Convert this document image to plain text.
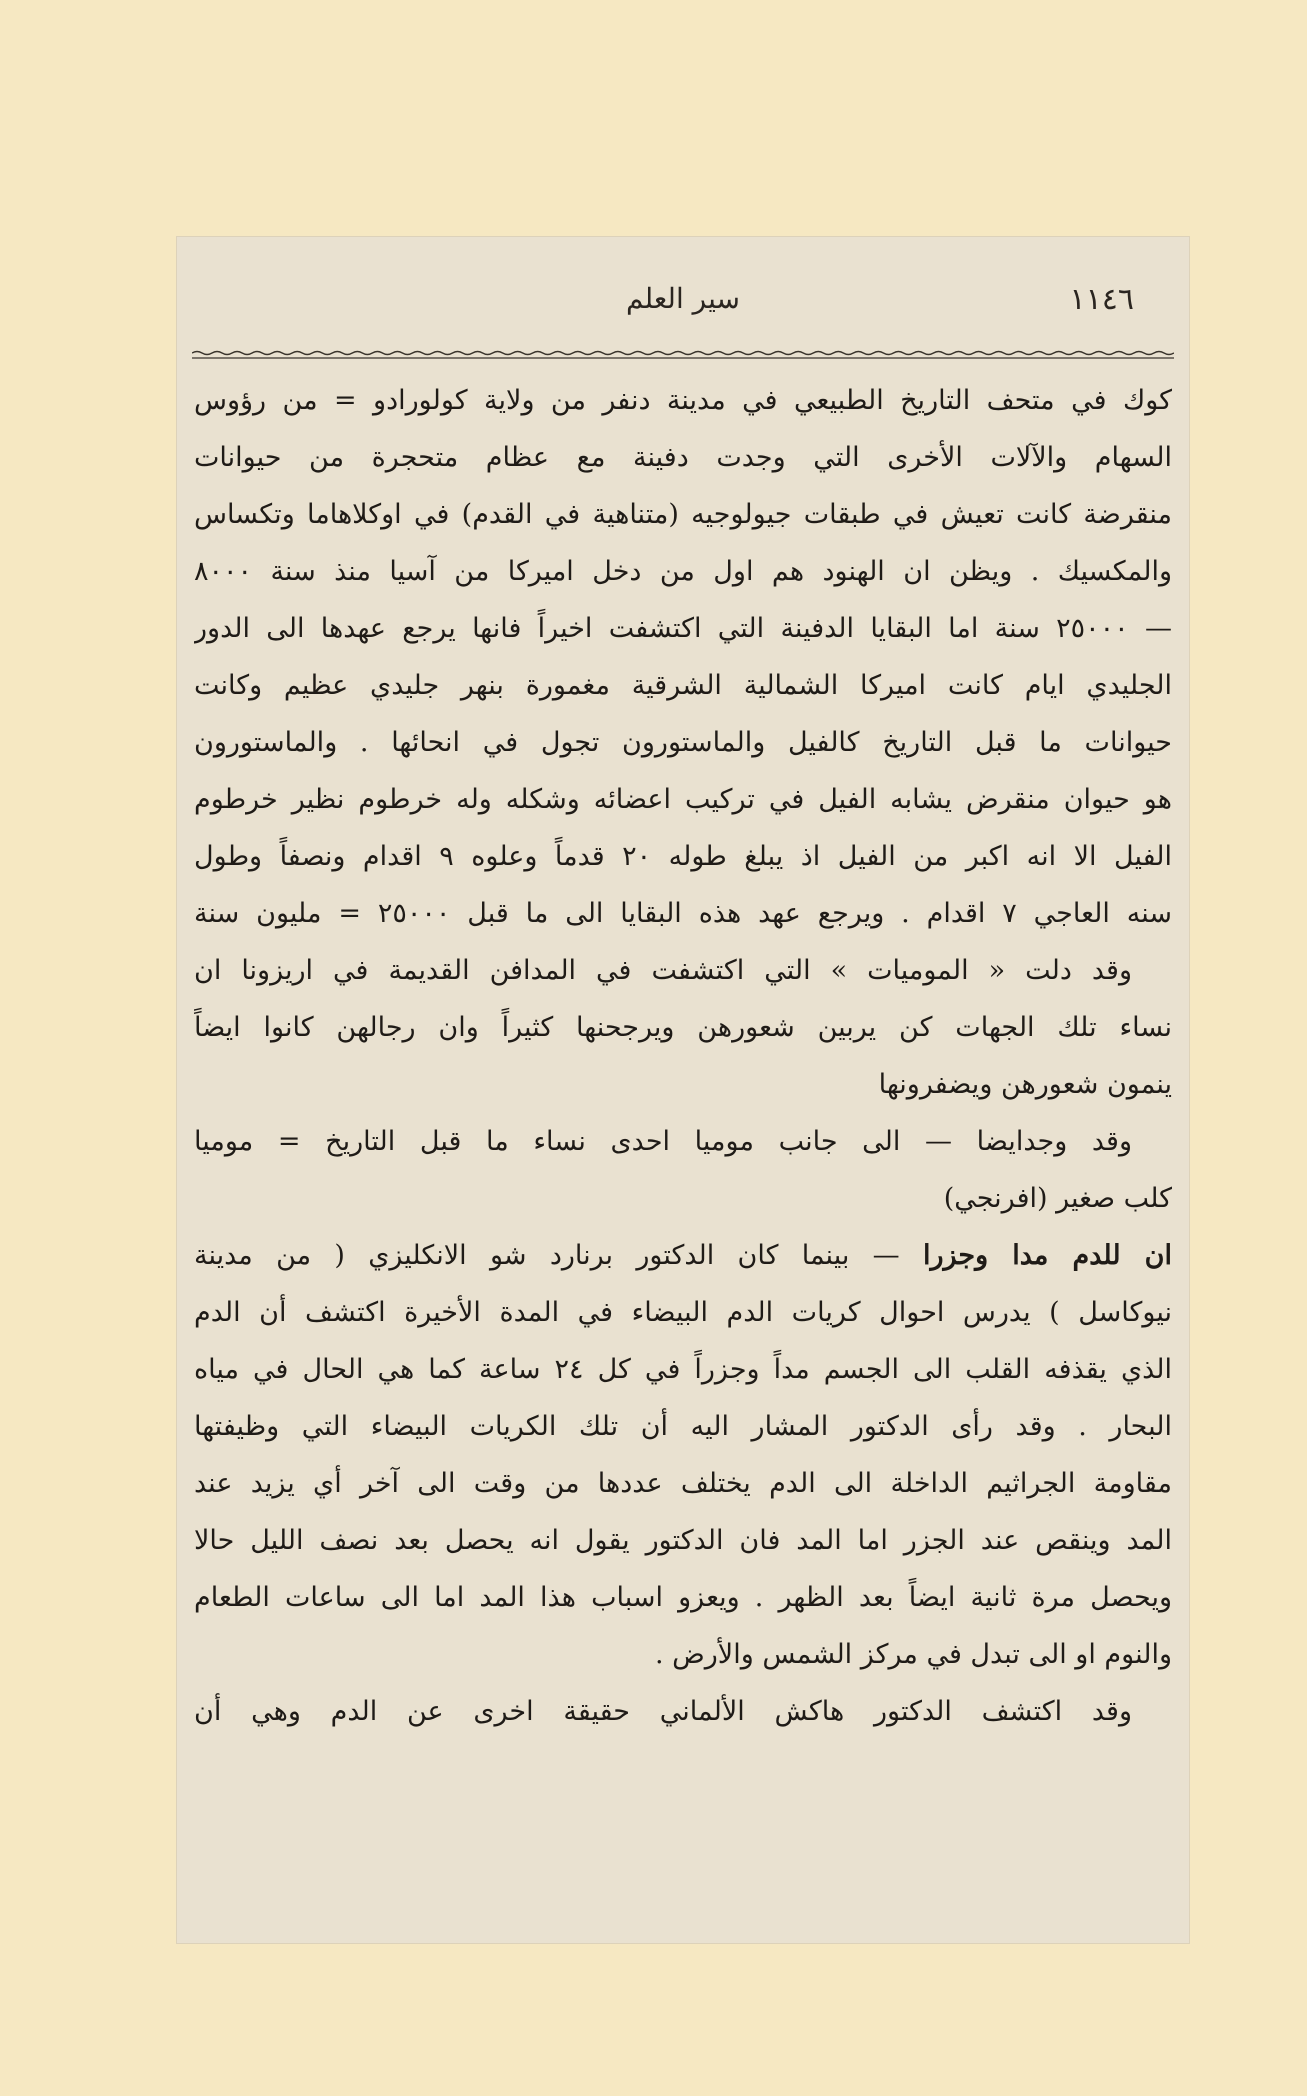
١١٤٦
سير العلم
كوك في متحف التاريخ الطبيعي في مدينة دنفر من ولاية كولورادو = من رؤوس
السهام والآلات الأخرى التي وجدت دفينة مع عظام متحجرة من حيوانات
منقرضة كانت تعيش في طبقات جيولوجيه (متناهية في القدم) في اوكلاهاما وتكساس
والمكسيك . ويظن ان الهنود هم اول من دخل اميركا من آسيا منذ سنة ٨٠٠٠
— ٢٥٠٠٠ سنة اما البقايا الدفينة التي اكتشفت اخيراً فانها يرجع عهدها الى الدور
الجليدي ايام كانت اميركا الشمالية الشرقية مغمورة بنهر جليدي عظيم وكانت
حيوانات ما قبل التاريخ كالفيل والماستورون تجول في انحائها . والماستورون
هو حيوان منقرض يشابه الفيل في تركيب اعضائه وشكله وله خرطوم نظير خرطوم
الفيل الا انه اكبر من الفيل اذ يبلغ طوله ٢٠ قدماً وعلوه ٩ اقدام ونصفاً وطول
سنه العاجي ٧ اقدام . ويرجع عهد هذه البقايا الى ما قبل ٢٥٠٠٠ = مليون سنة
وقد دلت « الموميات » التي اكتشفت في المدافن القديمة في اريزونا ان
نساء تلك الجهات كن يربين شعورهن ويرجحنها كثيراً وان رجالهن كانوا ايضاً
ينمون شعورهن ويضفرونها
وقد وجدايضا — الى جانب موميا احدى نساء ما قبل التاريخ = موميا
كلب صغير (افرنجي)
ان للدم مدا وجزرا — بينما كان الدكتور برنارد شو الانكليزي ( من مدينة
نيوكاسل ) يدرس احوال كريات الدم البيضاء في المدة الأخيرة اكتشف أن الدم
الذي يقذفه القلب الى الجسم مداً وجزراً في كل ٢٤ ساعة كما هي الحال في مياه
البحار . وقد رأى الدكتور المشار اليه أن تلك الكريات البيضاء التي وظيفتها
مقاومة الجراثيم الداخلة الى الدم يختلف عددها من وقت الى آخر أي يزيد عند
المد وينقص عند الجزر اما المد فان الدكتور يقول انه يحصل بعد نصف الليل حالا
ويحصل مرة ثانية ايضاً بعد الظهر . ويعزو اسباب هذا المد اما الى ساعات الطعام
والنوم او الى تبدل في مركز الشمس والأرض .
وقد اكتشف الدكتور هاكش الألماني حقيقة اخرى عن الدم وهي أن
